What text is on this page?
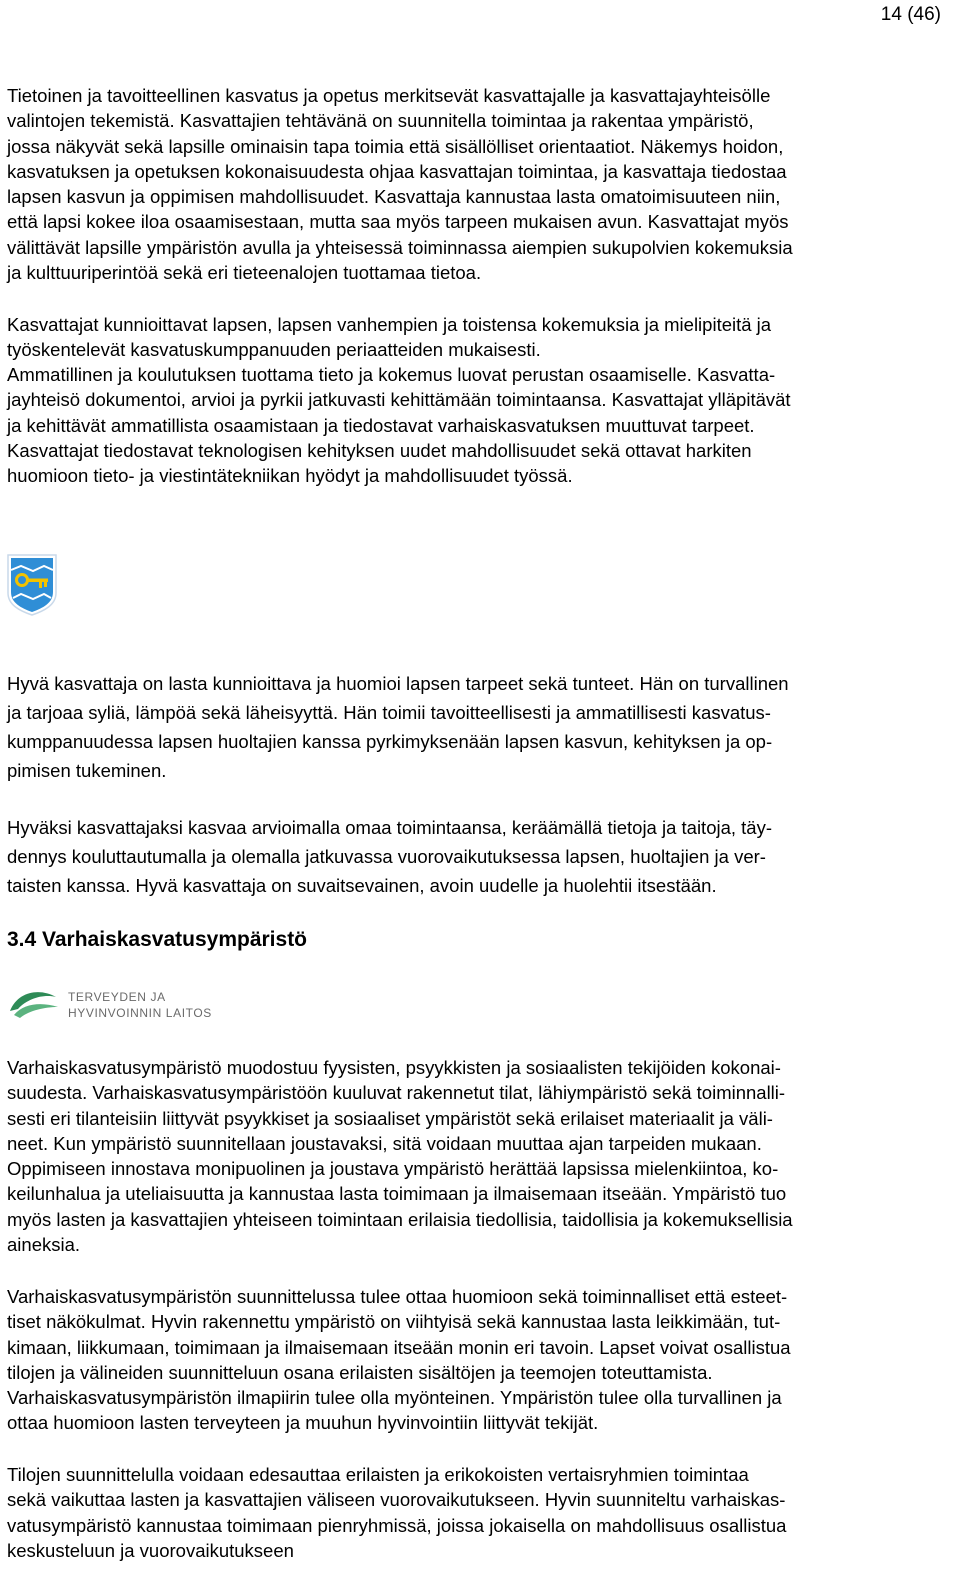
14 (46)

Tietoinen ja tavoitteellinen kasvatus ja opetus merkitsevät kasvattajalle ja kasvattajayhteisölle
valintojen tekemistä. Kasvattajien tehtävänä on suunnitella toimintaa ja rakentaa ympäristö,
jossa näkyvät sekä lapsille ominaisin tapa toimia että sisällölliset orientaatiot. Näkemys hoidon,
kasvatuksen ja opetuksen kokonaisuudesta ohjaa kasvattajan toimintaa, ja kasvattaja tiedostaa
lapsen kasvun ja oppimisen mahdollisuudet. Kasvattaja kannustaa lasta omatoimisuuteen niin,
että lapsi kokee iloa osaamisestaan, mutta saa myös tarpeen mukaisen avun. Kasvattajat myös
välittävät lapsille ympäristön avulla ja yhteisessä toiminnassa aiempien sukupolvien kokemuksia
ja kulttuuriperintöä sekä eri tieteenalojen tuottamaa tietoa.

Kasvattajat kunnioittavat lapsen, lapsen vanhempien ja toistensa kokemuksia ja mielipiteitä ja
työskentelevät kasvatuskumppanuuden periaatteiden mukaisesti.

Ammatillinen ja koulutuksen tuottama tieto ja kokemus luovat perustan osaamiselle. Kasvatta-
jayhteisö dokumentoi, arvioi ja pyrkii jatkuvasti kehittämään toimintaansa. Kasvattajat ylläpitävät
ja kehittävät ammatillista osaamistaan ja tiedostavat varhaiskasvatuksen muuttuvat tarpeet.
Kasvattajat tiedostavat teknologisen kehityksen uudet mahdollisuudet sekä ottavat harkiten
huomioon tieto- ja viestintätekniikan hyödyt ja mahdollisuudet työssä.

Hyvä kasvattaja on lasta kunnioittava ja huomioi lapsen tarpeet sekä tunteet. Hän on turvallinen
ja tarjoaa syliä, lämpöä sekä läheisyyttä. Hän toimii tavoitteellisesti ja ammatillisesti kasvatus-
kumppanuudessa lapsen huoltajien kanssa pyrkimyksenään lapsen kasvun, kehityksen ja op-
pimisen tukeminen.

Hyväksi kasvattajaksi kasvaa arvioimalla omaa toimintaansa, keräämällä tietoja ja taitoja, täy-
dennys kouluttautumalla ja olemalla jatkuvassa vuorovaikutuksessa lapsen, huoltajien ja ver-
taisten kanssa. Hyvä kasvattaja on suvaitsevainen, avoin uudelle ja huolehtii itsestään.

3.4 Varhaiskasvatusympäristö
TERVEYDEN JA
HYVINVOINNIN LAITOS

Varhaiskasvatusympäristö muodostuu fyysisten, psyykkisten ja sosiaalisten tekijöiden kokonai-
suudesta. Varhaiskasvatusympäristöön kuuluvat rakennetut tilat, lähiympäristö sekä toiminnalli-
sesti eri tilanteisiin liittyvät psyykkiset ja sosiaaliset ympäristöt sekä erilaiset materiaalit ja väli-
neet. Kun ympäristö suunnitellaan joustavaksi, sitä voidaan muuttaa ajan tarpeiden mukaan.
Oppimiseen innostava monipuolinen ja joustava ympäristö herättää lapsissa mielenkiintoa, ko-
keilunhalua ja uteliaisuutta ja kannustaa lasta toimimaan ja ilmaisemaan itseään. Ympäristö tuo
myös lasten ja kasvattajien yhteiseen toimintaan erilaisia tiedollisia, taidollisia ja kokemuksellisia
aineksia.

Varhaiskasvatusympäristön suunnittelussa tulee ottaa huomioon sekä toiminnalliset että esteet-
tiset näkökulmat. Hyvin rakennettu ympäristö on viihtyisä sekä kannustaa lasta leikkimään, tut-
kimaan, liikkumaan, toimimaan ja ilmaisemaan itseään monin eri tavoin. Lapset voivat osallistua
tilojen ja välineiden suunnitteluun osana erilaisten sisältöjen ja teemojen toteuttamista.
Varhaiskasvatusympäristön ilmapiirin tulee olla myönteinen. Ympäristön tulee olla turvallinen ja
ottaa huomioon lasten terveyteen ja muuhun hyvinvointiin liittyvät tekijät.

Tilojen suunnittelulla voidaan edesauttaa erilaisten ja erikokoisten vertaisryhmien toimintaa
sekä vaikuttaa lasten ja kasvattajien väliseen vuorovaikutukseen. Hyvin suunniteltu varhaiskas-
vatusympäristö kannustaa toimimaan pienryhmissä, joissa jokaisella on mahdollisuus osallistua
keskusteluun ja vuorovaikutukseen
